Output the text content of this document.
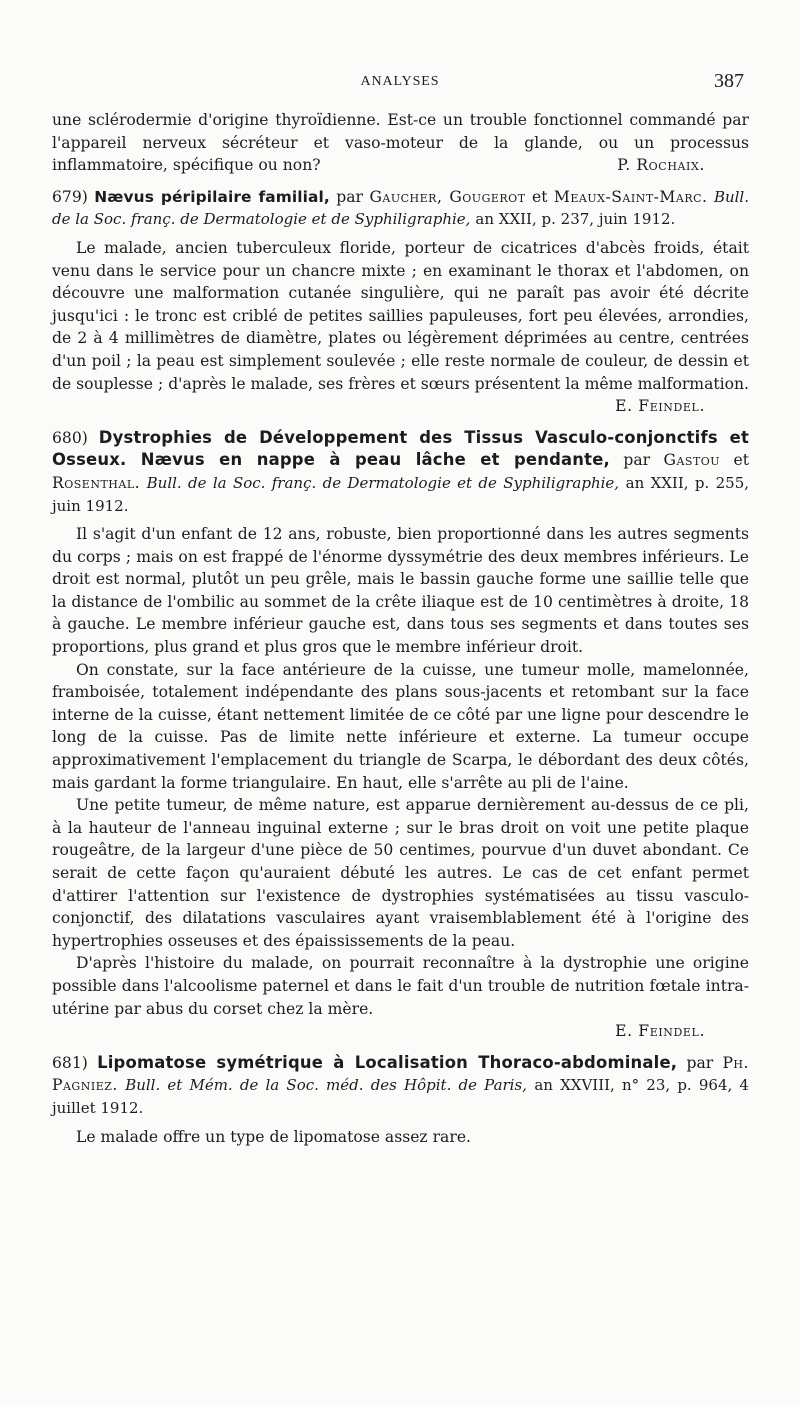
ANALYSES	387

une sclérodermie d'origine thyroïdienne. Est-ce un trouble fonctionnel commandé par l'appareil nerveux sécréteur et vaso-moteur de la glande, ou un processus inflammatoire, spécifique ou non?	P. Rochaix.

679) Nævus péripilaire familial, par Gaucher, Gougerot et Meaux-Saint-Marc. Bull. de la Soc. franç. de Dermatologie et de Syphiligraphie, an XXII, p. 237, juin 1912.

Le malade, ancien tuberculeux floride, porteur de cicatrices d'abcès froids, était venu dans le service pour un chancre mixte ; en examinant le thorax et l'abdomen, on découvre une malformation cutanée singulière, qui ne paraît pas avoir été décrite jusqu'ici : le tronc est criblé de petites saillies papuleuses, fort peu élevées, arrondies, de 2 à 4 millimètres de diamètre, plates ou légèrement déprimées au centre, centrées d'un poil ; la peau est simplement soulevée ; elle reste normale de couleur, de dessin et de souplesse ; d'après le malade, ses frères et sœurs présentent la même malformation.

E. Feindel.

680) Dystrophies de Développement des Tissus Vasculo-conjonctifs et Osseux. Nævus en nappe à peau lâche et pendante, par Gastou et Rosenthal. Bull. de la Soc. franç. de Dermatologie et de Syphiligraphie, an XXII, p. 255, juin 1912.

Il s'agit d'un enfant de 12 ans, robuste, bien proportionné dans les autres segments du corps ; mais on est frappé de l'énorme dyssymétrie des deux membres inférieurs. Le droit est normal, plutôt un peu grêle, mais le bassin gauche forme une saillie telle que la distance de l'ombilic au sommet de la crête iliaque est de 10 centimètres à droite, 18 à gauche. Le membre inférieur gauche est, dans tous ses segments et dans toutes ses proportions, plus grand et plus gros que le membre inférieur droit.

On constate, sur la face antérieure de la cuisse, une tumeur molle, mamelonnée, framboisée, totalement indépendante des plans sous-jacents et retombant sur la face interne de la cuisse, étant nettement limitée de ce côté par une ligne pour descendre le long de la cuisse. Pas de limite nette inférieure et externe. La tumeur occupe approximativement l'emplacement du triangle de Scarpa, le débordant des deux côtés, mais gardant la forme triangulaire. En haut, elle s'arrête au pli de l'aine.

Une petite tumeur, de même nature, est apparue dernièrement au-dessus de ce pli, à la hauteur de l'anneau inguinal externe ; sur le bras droit on voit une petite plaque rougeâtre, de la largeur d'une pièce de 50 centimes, pourvue d'un duvet abondant. Ce serait de cette façon qu'auraient débuté les autres. Le cas de cet enfant permet d'attirer l'attention sur l'existence de dystrophies systématisées au tissu vasculo-conjonctif, des dilatations vasculaires ayant vraisemblablement été à l'origine des hypertrophies osseuses et des épaississements de la peau.

D'après l'histoire du malade, on pourrait reconnaître à la dystrophie une origine possible dans l'alcoolisme paternel et dans le fait d'un trouble de nutrition fœtale intra-utérine par abus du corset chez la mère.

E. Feindel.

681) Lipomatose symétrique à Localisation Thoraco-abdominale, par Ph. Pagniez. Bull. et Mém. de la Soc. méd. des Hôpit. de Paris, an XXVIII, n° 23, p. 964, 4 juillet 1912.

Le malade offre un type de lipomatose assez rare.
